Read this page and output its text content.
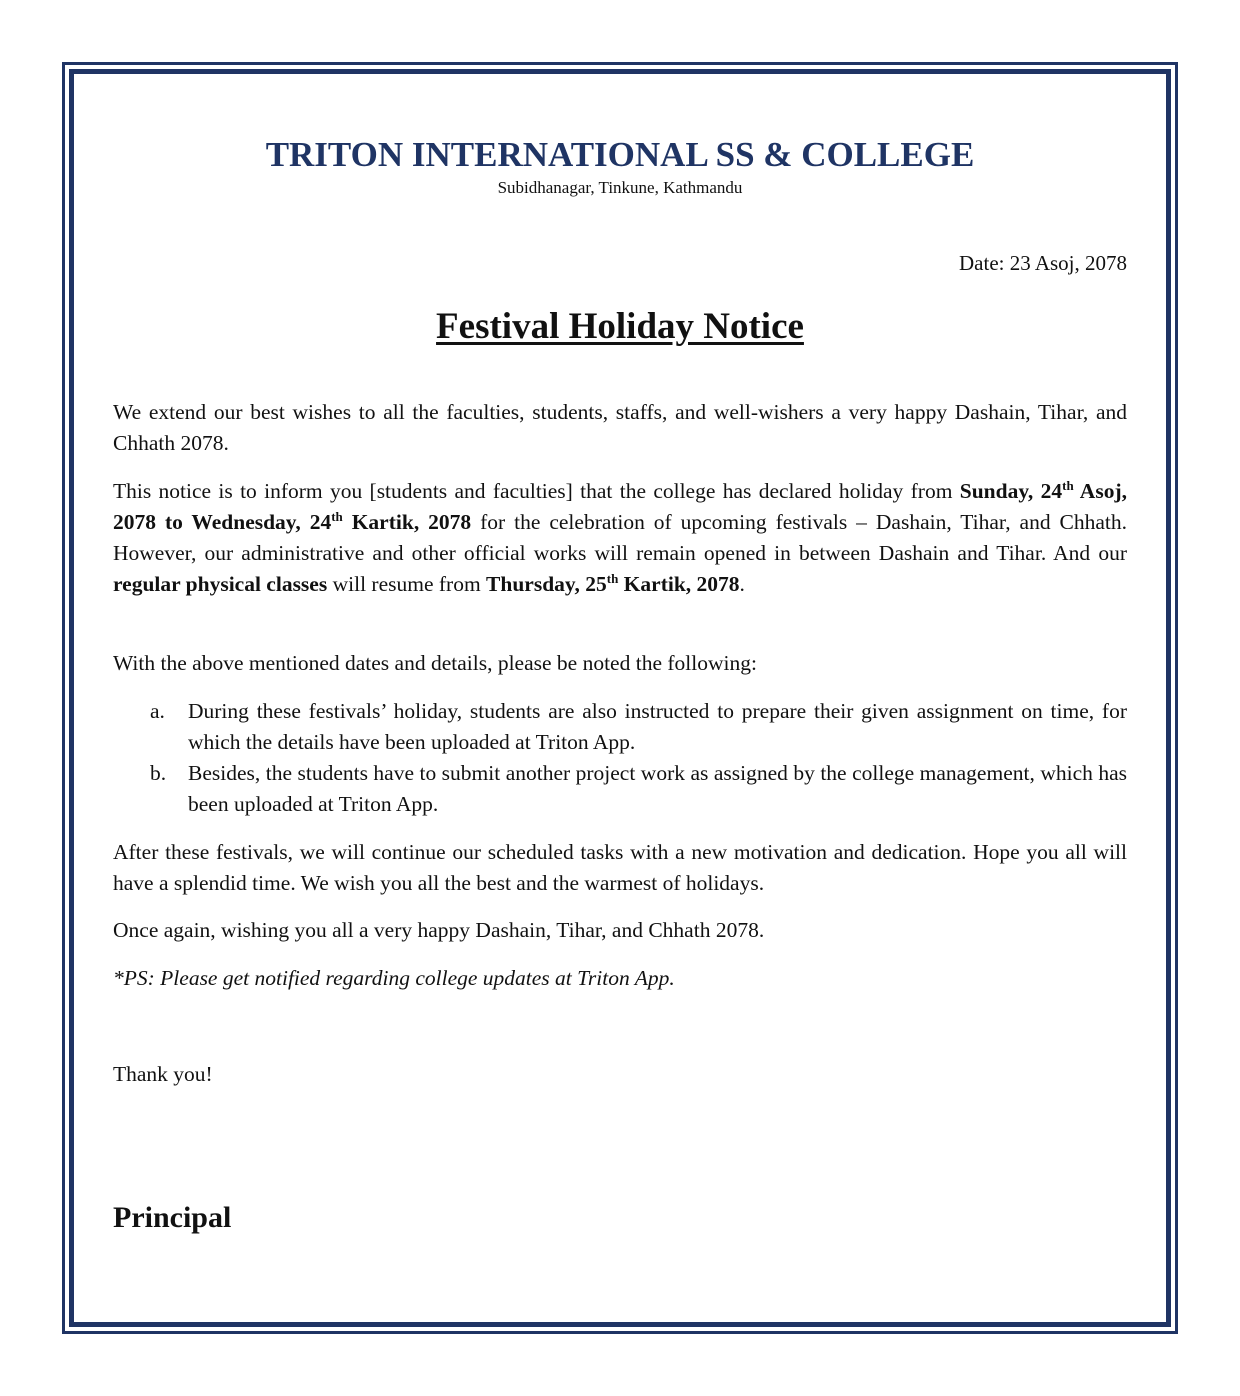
TRITON INTERNATIONAL SS & COLLEGE
Subidhanagar, Tinkune, Kathmandu
Date: 23 Asoj, 2078
Festival Holiday Notice

We extend our best wishes to all the faculties, students, staffs, and well-wishers a very happy Dashain, Tihar, and Chhath 2078.

This notice is to inform you [students and faculties] that the college has declared holiday from Sunday, 24th Asoj, 2078 to Wednesday, 24th Kartik, 2078 for the celebration of upcoming festivals – Dashain, Tihar, and Chhath. However, our administrative and other official works will remain opened in between Dashain and Tihar. And our regular physical classes will resume from Thursday, 25th Kartik, 2078.

With the above mentioned dates and details, please be noted the following:

a. During these festivals’ holiday, students are also instructed to prepare their given assignment on time, for which the details have been uploaded at Triton App.
b. Besides, the students have to submit another project work as assigned by the college management, which has been uploaded at Triton App.

After these festivals, we will continue our scheduled tasks with a new motivation and dedication. Hope you all will have a splendid time. We wish you all the best and the warmest of holidays.

Once again, wishing you all a very happy Dashain, Tihar, and Chhath 2078.

*PS: Please get notified regarding college updates at Triton App.

Thank you!

Principal
